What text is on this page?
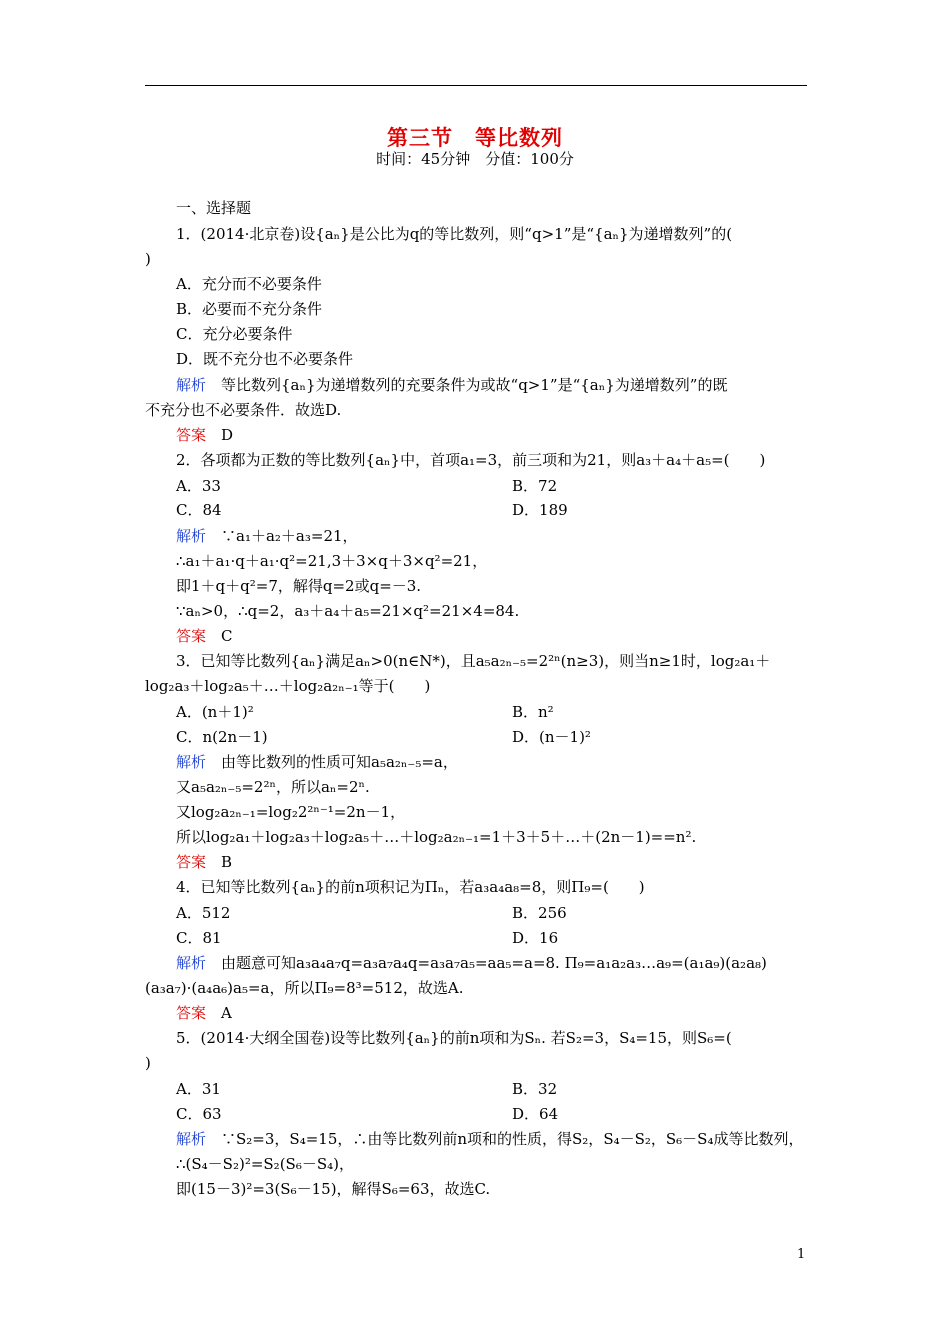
第三节　等比数列
时间：45分钟　分值：100分
一、选择题
1．(2014·北京卷)设{aₙ}是公比为q的等比数列，则“q>1”是“{aₙ}为递增数列”的(
)
A．充分而不必要条件
B．必要而不充分条件
C．充分必要条件
D．既不充分也不必要条件
解析　等比数列{aₙ}为递增数列的充要条件为或故“q>1”是“{aₙ}为递增数列”的既
不充分也不必要条件．故选D.
答案　D
2．各项都为正数的等比数列{aₙ}中，首项a₁=3，前三项和为21，则a₃＋a₄＋a₅=(　　)
A．33	B．72
C．84	D．189
解析　∵a₁＋a₂＋a₃=21，
∴a₁＋a₁·q＋a₁·q²=21,3＋3×q＋3×q²=21，
即1＋q＋q²=7，解得q=2或q=－3.
∵aₙ>0，∴q=2，a₃＋a₄＋a₅=21×q²=21×4=84.
答案　C
3．已知等比数列{aₙ}满足aₙ>0(n∈N*)，且a₅a₂ₙ₋₅=2²ⁿ(n≥3)，则当n≥1时，log₂a₁＋
log₂a₃＋log₂a₅＋…＋log₂a₂ₙ₋₁等于(　　)
A．(n＋1)²	B．n²
C．n(2n－1)	D．(n－1)²
解析　由等比数列的性质可知a₅a₂ₙ₋₅=a，
又a₅a₂ₙ₋₅=2²ⁿ，所以aₙ=2ⁿ.
又log₂a₂ₙ₋₁=log₂2²ⁿ⁻¹=2n－1，
所以log₂a₁＋log₂a₃＋log₂a₅＋…＋log₂a₂ₙ₋₁=1＋3＋5＋…＋(2n－1)==n².
答案　B
4．已知等比数列{aₙ}的前n项积记为Πₙ，若a₃a₄a₈=8，则Π₉=(　　)
A．512	B．256
C．81	D．16
解析　由题意可知a₃a₄a₇q=a₃a₇a₄q=a₃a₇a₅=aa₅=a=8. Π₉=a₁a₂a₃…a₉=(a₁a₉)(a₂a₈)
(a₃a₇)·(a₄a₆)a₅=a，所以Π₉=8³=512，故选A.
答案　A
5．(2014·大纲全国卷)设等比数列{aₙ}的前n项和为Sₙ. 若S₂=3，S₄=15，则S₆=(
)
A．31	B．32
C．63	D．64
解析　∵S₂=3，S₄=15，∴由等比数列前n项和的性质，得S₂，S₄－S₂，S₆－S₄成等比数列，
∴(S₄－S₂)²=S₂(S₆－S₄)，
即(15－3)²=3(S₆－15)，解得S₆=63，故选C.
1
